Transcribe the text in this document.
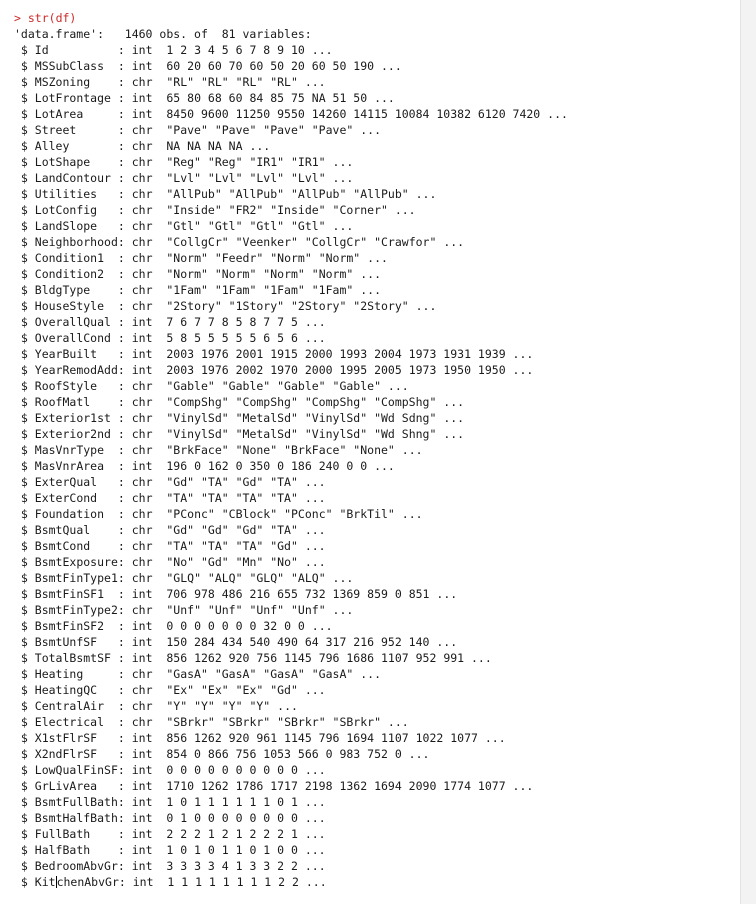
> str(df)
'data.frame':	1460 obs. of  81 variables:
$ Id          : int 1 2 3 4 5 6 7 8 9 10 ...
$ MSSubClass  : int 60 20 60 70 60 50 20 60 50 190 ...
$ MSZoning    : chr "RL" "RL" "RL" "RL" ...
$ LotFrontage : int 65 80 68 60 84 85 75 NA 51 50 ...
$ LotArea     : int 8450 9600 11250 9550 14260 14115 10084 10382 6120 7420 ...
$ Street      : chr "Pave" "Pave" "Pave" "Pave" ...
$ Alley       : chr NA NA NA NA ...
$ LotShape    : chr "Reg" "Reg" "IR1" "IR1" ...
$ LandContour : chr "Lvl" "Lvl" "Lvl" "Lvl" ...
$ Utilities   : chr "AllPub" "AllPub" "AllPub" "AllPub" ...
$ LotConfig   : chr "Inside" "FR2" "Inside" "Corner" ...
$ LandSlope   : chr "Gtl" "Gtl" "Gtl" "Gtl" ...
$ Neighborhood: chr "CollgCr" "Veenker" "CollgCr" "Crawfor" ...
$ Condition1  : chr "Norm" "Feedr" "Norm" "Norm" ...
$ Condition2  : chr "Norm" "Norm" "Norm" "Norm" ...
$ BldgType    : chr "1Fam" "1Fam" "1Fam" "1Fam" ...
$ HouseStyle  : chr "2Story" "1Story" "2Story" "2Story" ...
$ OverallQual : int 7 6 7 7 8 5 8 7 7 5 ...
$ OverallCond : int 5 8 5 5 5 5 5 6 5 6 ...
$ YearBuilt   : int 2003 1976 2001 1915 2000 1993 2004 1973 1931 1939 ...
$ YearRemodAdd: int 2003 1976 2002 1970 2000 1995 2005 1973 1950 1950 ...
$ RoofStyle   : chr "Gable" "Gable" "Gable" "Gable" ...
$ RoofMatl    : chr "CompShg" "CompShg" "CompShg" "CompShg" ...
$ Exterior1st : chr "VinylSd" "MetalSd" "VinylSd" "Wd Sdng" ...
$ Exterior2nd : chr "VinylSd" "MetalSd" "VinylSd" "Wd Shng" ...
$ MasVnrType  : chr "BrkFace" "None" "BrkFace" "None" ...
$ MasVnrArea  : int 196 0 162 0 350 0 186 240 0 0 ...
$ ExterQual   : chr "Gd" "TA" "Gd" "TA" ...
$ ExterCond   : chr "TA" "TA" "TA" "TA" ...
$ Foundation  : chr "PConc" "CBlock" "PConc" "BrkTil" ...
$ BsmtQual    : chr "Gd" "Gd" "Gd" "TA" ...
$ BsmtCond    : chr "TA" "TA" "TA" "Gd" ...
$ BsmtExposure: chr "No" "Gd" "Mn" "No" ...
$ BsmtFinType1: chr "GLQ" "ALQ" "GLQ" "ALQ" ...
$ BsmtFinSF1  : int 706 978 486 216 655 732 1369 859 0 851 ...
$ BsmtFinType2: chr "Unf" "Unf" "Unf" "Unf" ...
$ BsmtFinSF2  : int 0 0 0 0 0 0 0 32 0 0 ...
$ BsmtUnfSF   : int 150 284 434 540 490 64 317 216 952 140 ...
$ TotalBsmtSF : int 856 1262 920 756 1145 796 1686 1107 952 991 ...
$ Heating     : chr "GasA" "GasA" "GasA" "GasA" ...
$ HeatingQC   : chr "Ex" "Ex" "Ex" "Gd" ...
$ CentralAir  : chr "Y" "Y" "Y" "Y" ...
$ Electrical  : chr "SBrkr" "SBrkr" "SBrkr" "SBrkr" ...
$ X1stFlrSF   : int 856 1262 920 961 1145 796 1694 1107 1022 1077 ...
$ X2ndFlrSF   : int 854 0 866 756 1053 566 0 983 752 0 ...
$ LowQualFinSF: int 0 0 0 0 0 0 0 0 0 0 ...
$ GrLivArea   : int 1710 1262 1786 1717 2198 1362 1694 2090 1774 1077 ...
$ BsmtFullBath: int 1 0 1 1 1 1 1 1 0 1 ...
$ BsmtHalfBath: int 0 1 0 0 0 0 0 0 0 0 ...
$ FullBath    : int 2 2 2 1 2 1 2 2 2 1 ...
$ HalfBath    : int 1 0 1 0 1 1 0 1 0 0 ...
$ BedroomAbvGr: int 3 3 3 3 4 1 3 3 2 2 ...
$ KitchenAbvGr: int 1 1 1 1 1 1 1 1 2 2 ...
